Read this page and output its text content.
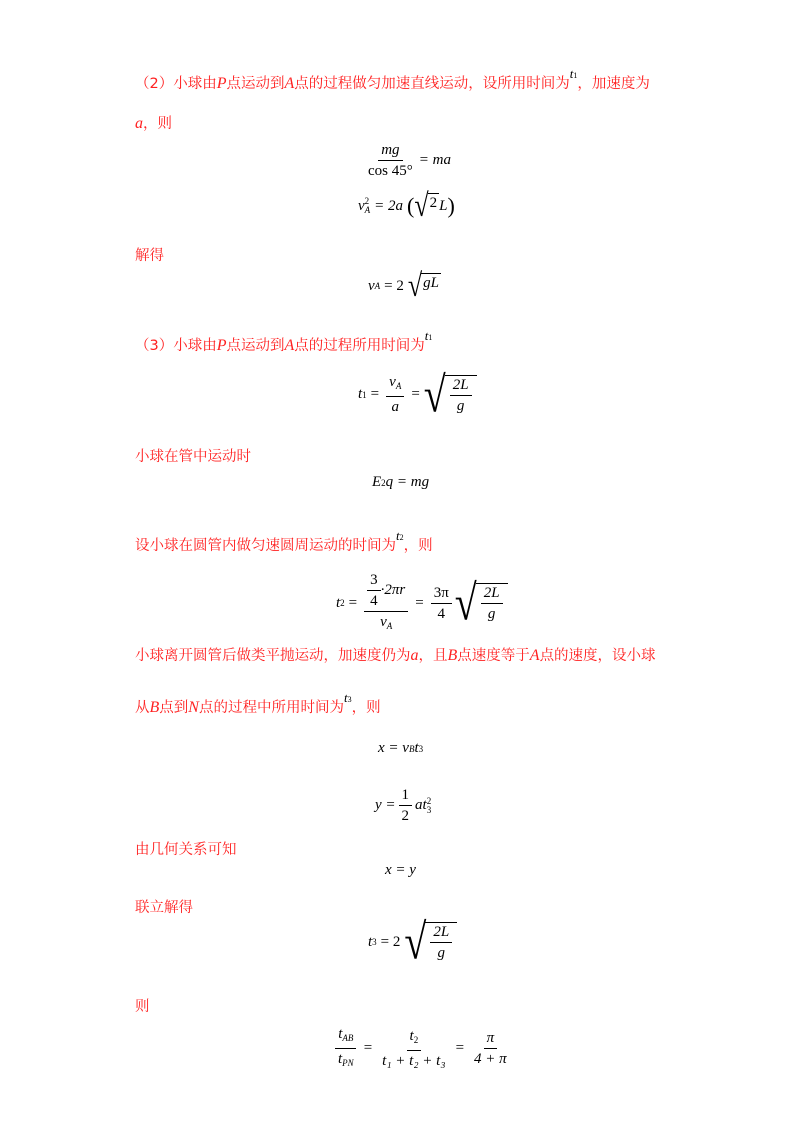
（2）小球由P点运动到A点的过程做匀加速直线运动，设所用时间为t1，加速度为
a，则
$\frac{mg}{\cos 45^\circ}$ = ma
v 2
A = 2a ( √ 2 L )
解得
v A = 2 √ gL
（3）小球由P点运动到A点的过程所用时间为t1
t $1 = \frac{v_A}{a}$ = √ $\frac{2L}{g}$
小球在管中运动时
E 2 q = mg
设小球在圆管内做匀速圆周运动的时间为t2，则
t $2 = \frac{\frac{3}{4} \cdot 2\pi r}{v_A} = \frac{3\pi}{4}$ √ $\frac{2L}{g}$
小球离开圆管后做类平抛运动，加速度仍为a，且B点速度等于A点的速度，设小球
从B点到N点的过程中所用时间为t3，则
x = v B t 3
$y = \frac{1}{2}$ at 2
3
由几何关系可知
x = y
联立解得
t 3 = 2 √ $\frac{2L}{g}$
则
$\frac{t_{AB}}{t_{PN}} = \frac{t_2}{\text{t₁ + t₂ + t₃}} = \frac{\pi}{4 + \pi}$
